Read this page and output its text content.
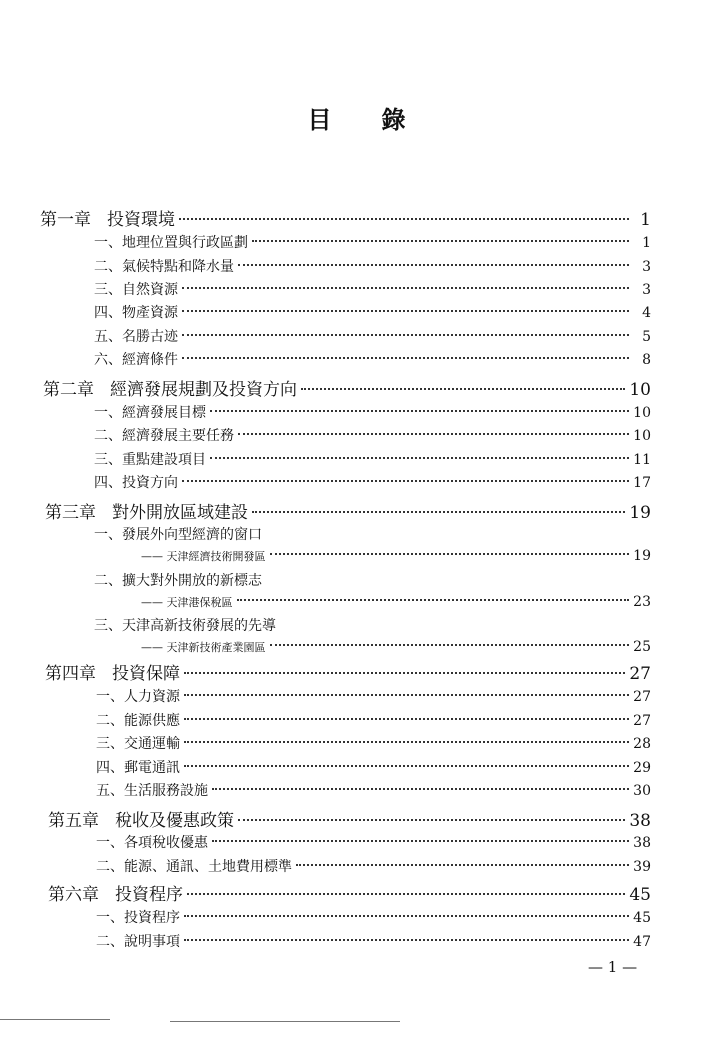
目 錄
第一章 投資環境	1
一、地理位置與行政區劃	1
二、氣候特點和降水量	3
三、自然資源	3
四、物產資源	4
五、名勝古迹	5
六、經濟條件	8
第二章 經濟發展規劃及投資方向	10
一、經濟發展目標	10
二、經濟發展主要任務	10
三、重點建設項目	11
四、投資方向	17
第三章 對外開放區域建設	19
一、發展外向型經濟的窗口
—— 天津經濟技術開發區	19
二、擴大對外開放的新標志
—— 天津港保稅區	23
三、天津高新技術發展的先導
—— 天津新技術產業園區	25
第四章 投資保障	27
一、人力資源	27
二、能源供應	27
三、交通運輸	28
四、郵電通訊	29
五、生活服務設施	30
第五章 稅收及優惠政策	38
一、各項稅收優惠	38
二、能源、通訊、土地費用標準	39
第六章 投資程序	45
一、投資程序	45
二、說明事項	47
— 1 —
